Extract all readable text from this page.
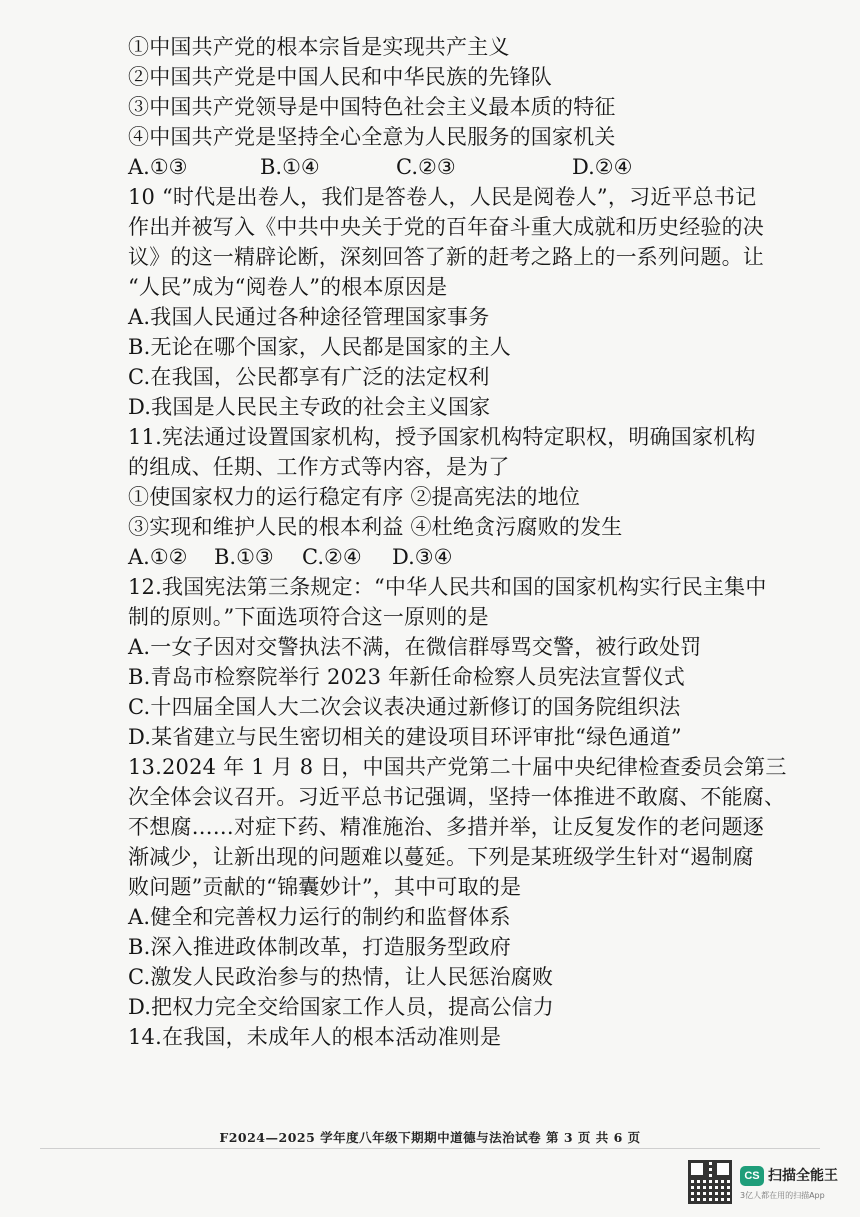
①中国共产党的根本宗旨是实现共产主义
②中国共产党是中国人民和中华民族的先锋队
③中国共产党领导是中国特色社会主义最本质的特征
④中国共产党是坚持全心全意为人民服务的国家机关
A.①③	B.①④	C.②③	D.②④
10 “时代是出卷人，我们是答卷人，人民是阅卷人”，习近平总书记
作出并被写入《中共中央关于党的百年奋斗重大成就和历史经验的决
议》的这一精辟论断，深刻回答了新的赶考之路上的一系列问题。让
“人民”成为“阅卷人”的根本原因是
A.我国人民通过各种途径管理国家事务
B.无论在哪个国家，人民都是国家的主人
C.在我国，公民都享有广泛的法定权利
D.我国是人民民主专政的社会主义国家
11.宪法通过设置国家机构，授予国家机构特定职权，明确国家机构
的组成、任期、工作方式等内容，是为了
①使国家权力的运行稳定有序 ②提高宪法的地位
③实现和维护人民的根本利益 ④杜绝贪污腐败的发生
A.①② B.①③ C.②④ D.③④
12.我国宪法第三条规定：“中华人民共和国的国家机构实行民主集中
制的原则。”下面选项符合这一原则的是
A.一女子因对交警执法不满，在微信群辱骂交警，被行政处罚
B.青岛市检察院举行 2023 年新任命检察人员宪法宣誓仪式
C.十四届全国人大二次会议表决通过新修订的国务院组织法
D.某省建立与民生密切相关的建设项目环评审批“绿色通道”
13.2024 年 1 月 8 日，中国共产党第二十届中央纪律检查委员会第三
次全体会议召开。习近平总书记强调，坚持一体推进不敢腐、不能腐、
不想腐……对症下药、精准施治、多措并举，让反复发作的老问题逐
渐减少，让新出现的问题难以蔓延。下列是某班级学生针对“遏制腐
败问题”贡献的“锦囊妙计”，其中可取的是
A.健全和完善权力运行的制约和监督体系
B.深入推进政体制改革，打造服务型政府
C.激发人民政治参与的热情，让人民惩治腐败
D.把权力完全交给国家工作人员，提高公信力
14.在我国，未成年人的根本活动准则是
F2024—2025 学年度八年级下期期中道德与法治试卷 第 3 页 共 6 页
CS 扫描全能王
3亿人都在用的扫描App
